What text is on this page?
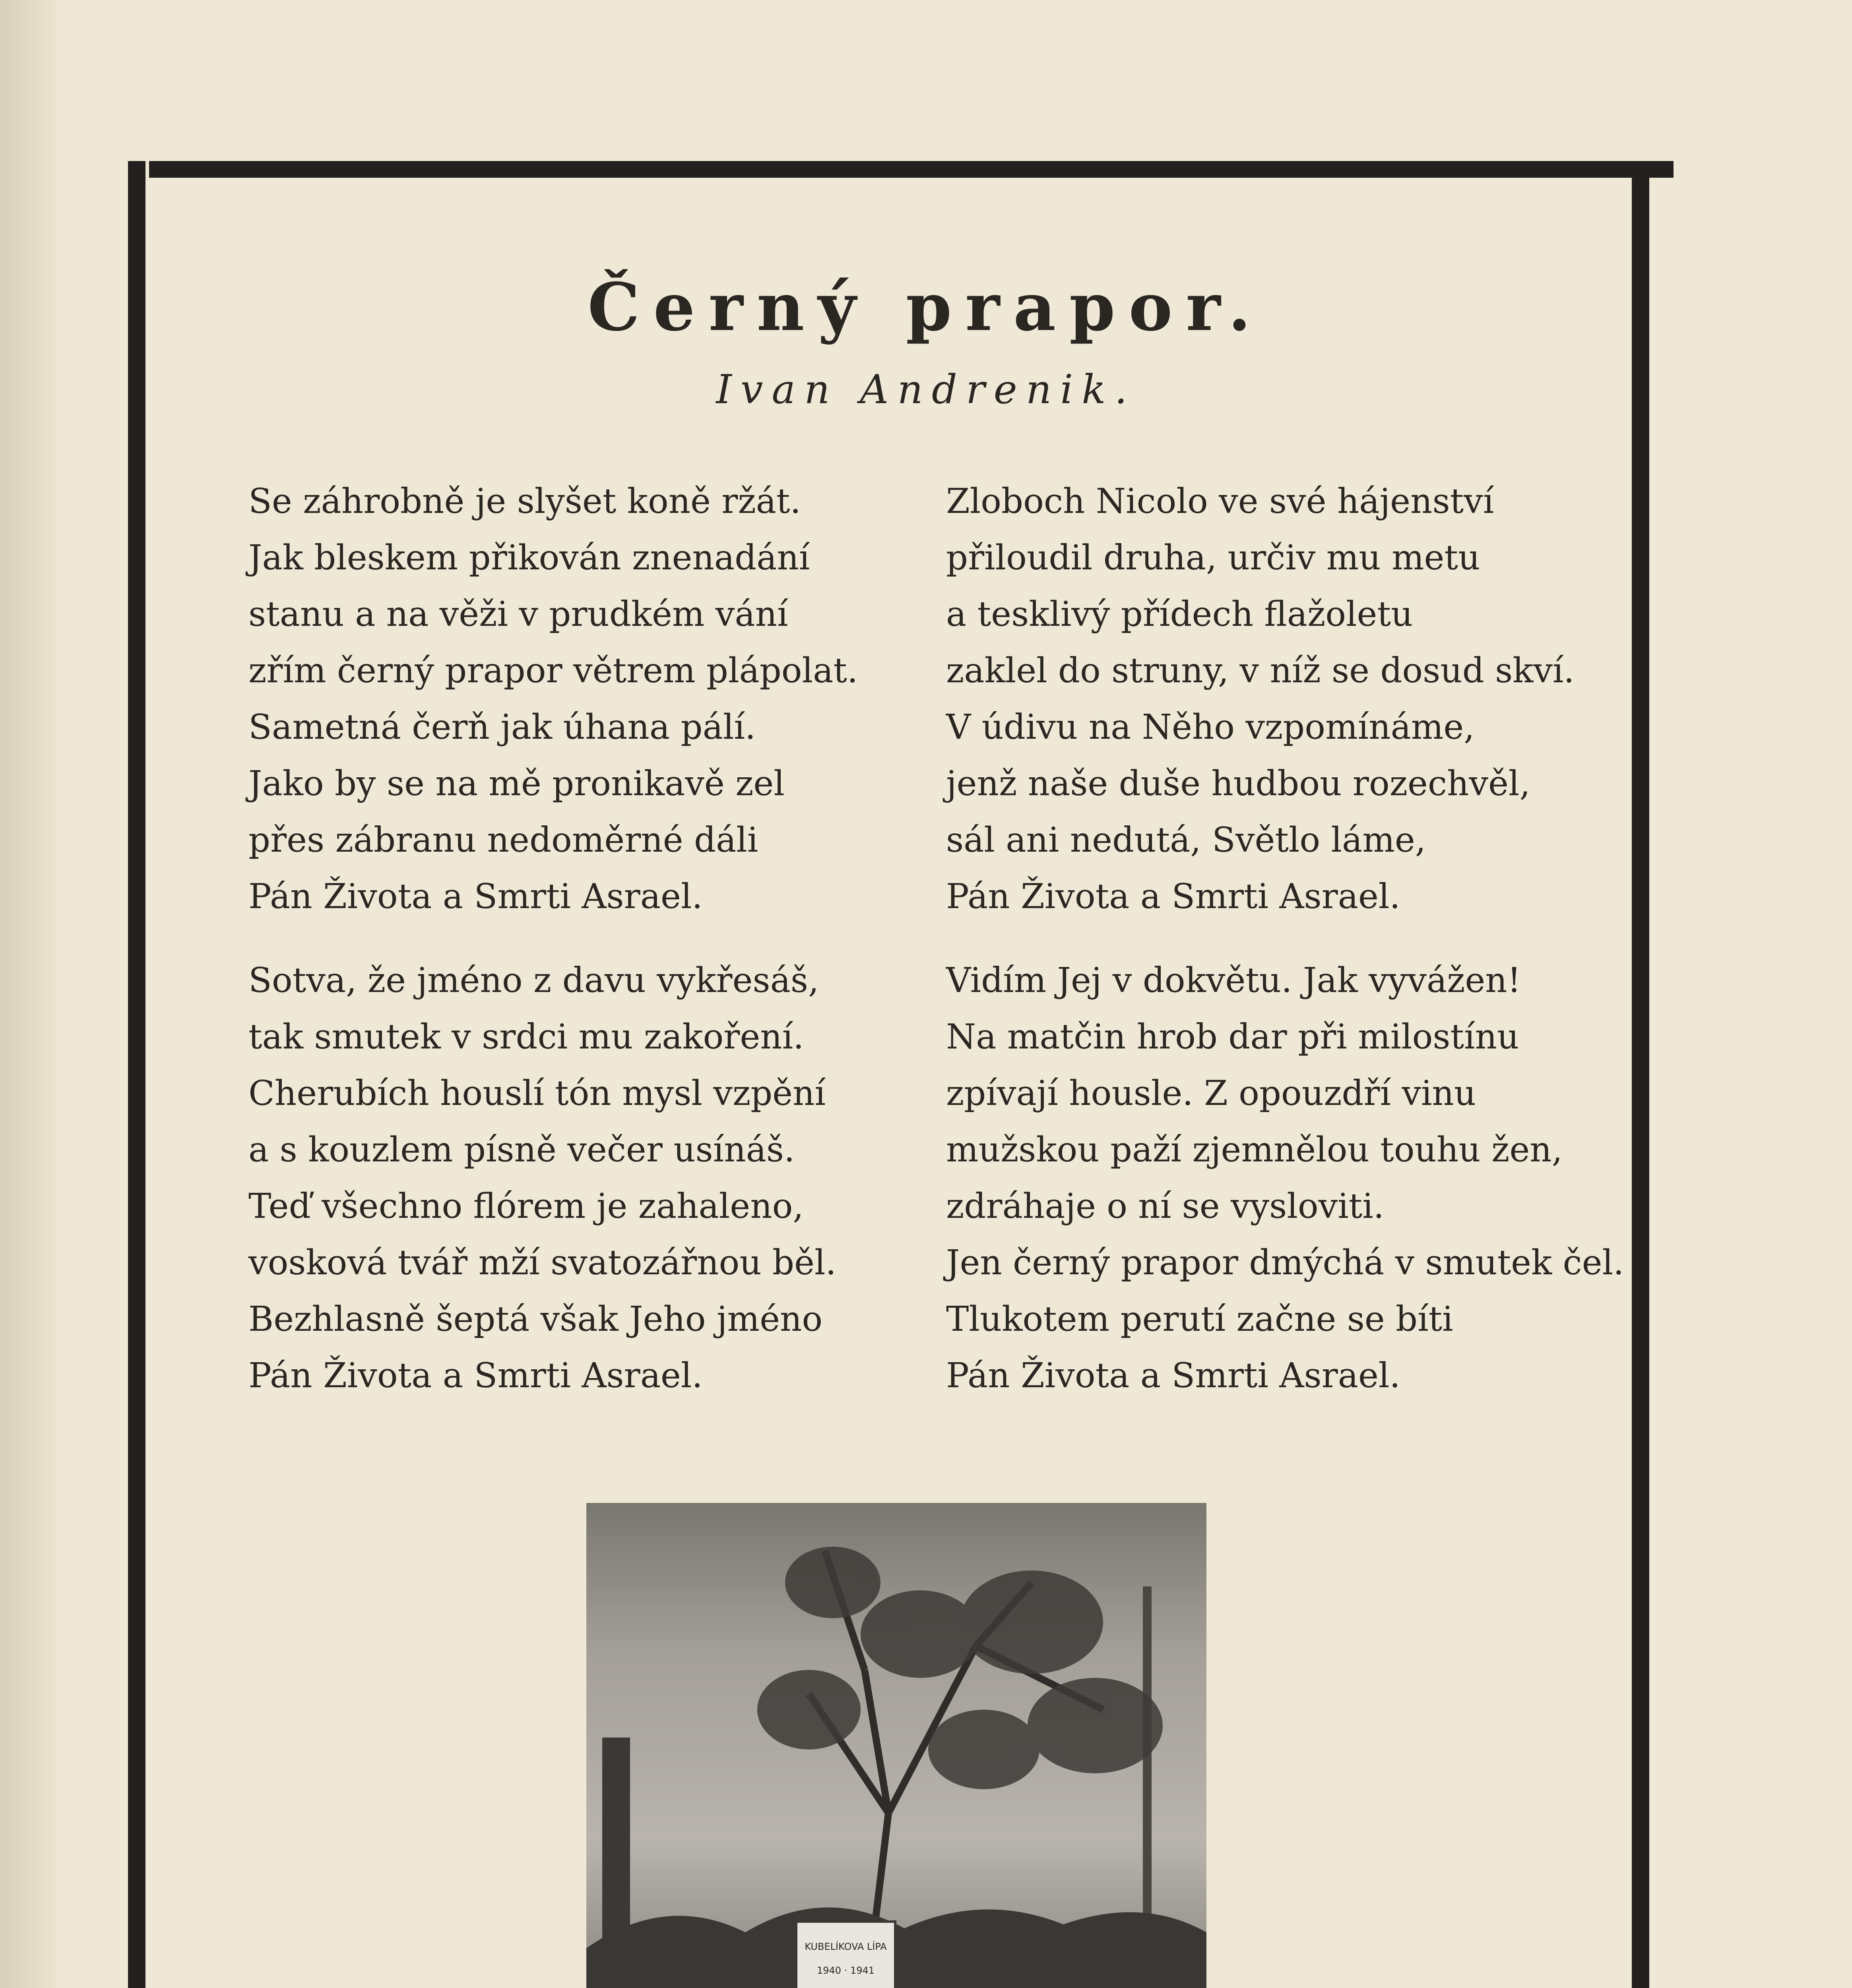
Černý prapor.
Ivan Andrenik.
Se záhrobně je slyšet koně ržát.
Jak bleskem přikován znenadání
stanu a na věži v prudkém vání
zřím černý prapor větrem plápolat.
Sametná čerň jak úhana pálí.
Jako by se na mě pronikavě zel
přes zábranu nedoměrné dáli
Pán Života a Smrti Asrael.
Zloboch Nicolo ve své hájenství
přiloudil druha, určiv mu metu
a tesklivý přídech flažoletu
zaklel do struny, v níž se dosud skví.
V údivu na Něho vzpomínáme,
jenž naše duše hudbou rozechvěl,
sál ani nedutá, Světlo láme,
Pán Života a Smrti Asrael.
Sotva, že jméno z davu vykřesáš,
tak smutek v srdci mu zakoření.
Cherubích houslí tón mysl vzpění
a s kouzlem písně večer usínáš.
Teď všechno flórem je zahaleno,
vosková tvář mží svatozářnou běl.
Bezhlasně šeptá však Jeho jméno
Pán Života a Smrti Asrael.
Vidím Jej v dokvětu. Jak vyvážen!
Na matčin hrob dar při milostínu
zpívají housle. Z opouzdří vinu
mužskou paží zjemnělou touhu žen,
zdráhaje o ní se vysloviti.
Jen černý prapor dmýchá v smutek čel.
Tlukotem perutí začne se bíti
Pán Života a Smrti Asrael.
KUBELÍKOVA LÍPA
1940 · 1941
